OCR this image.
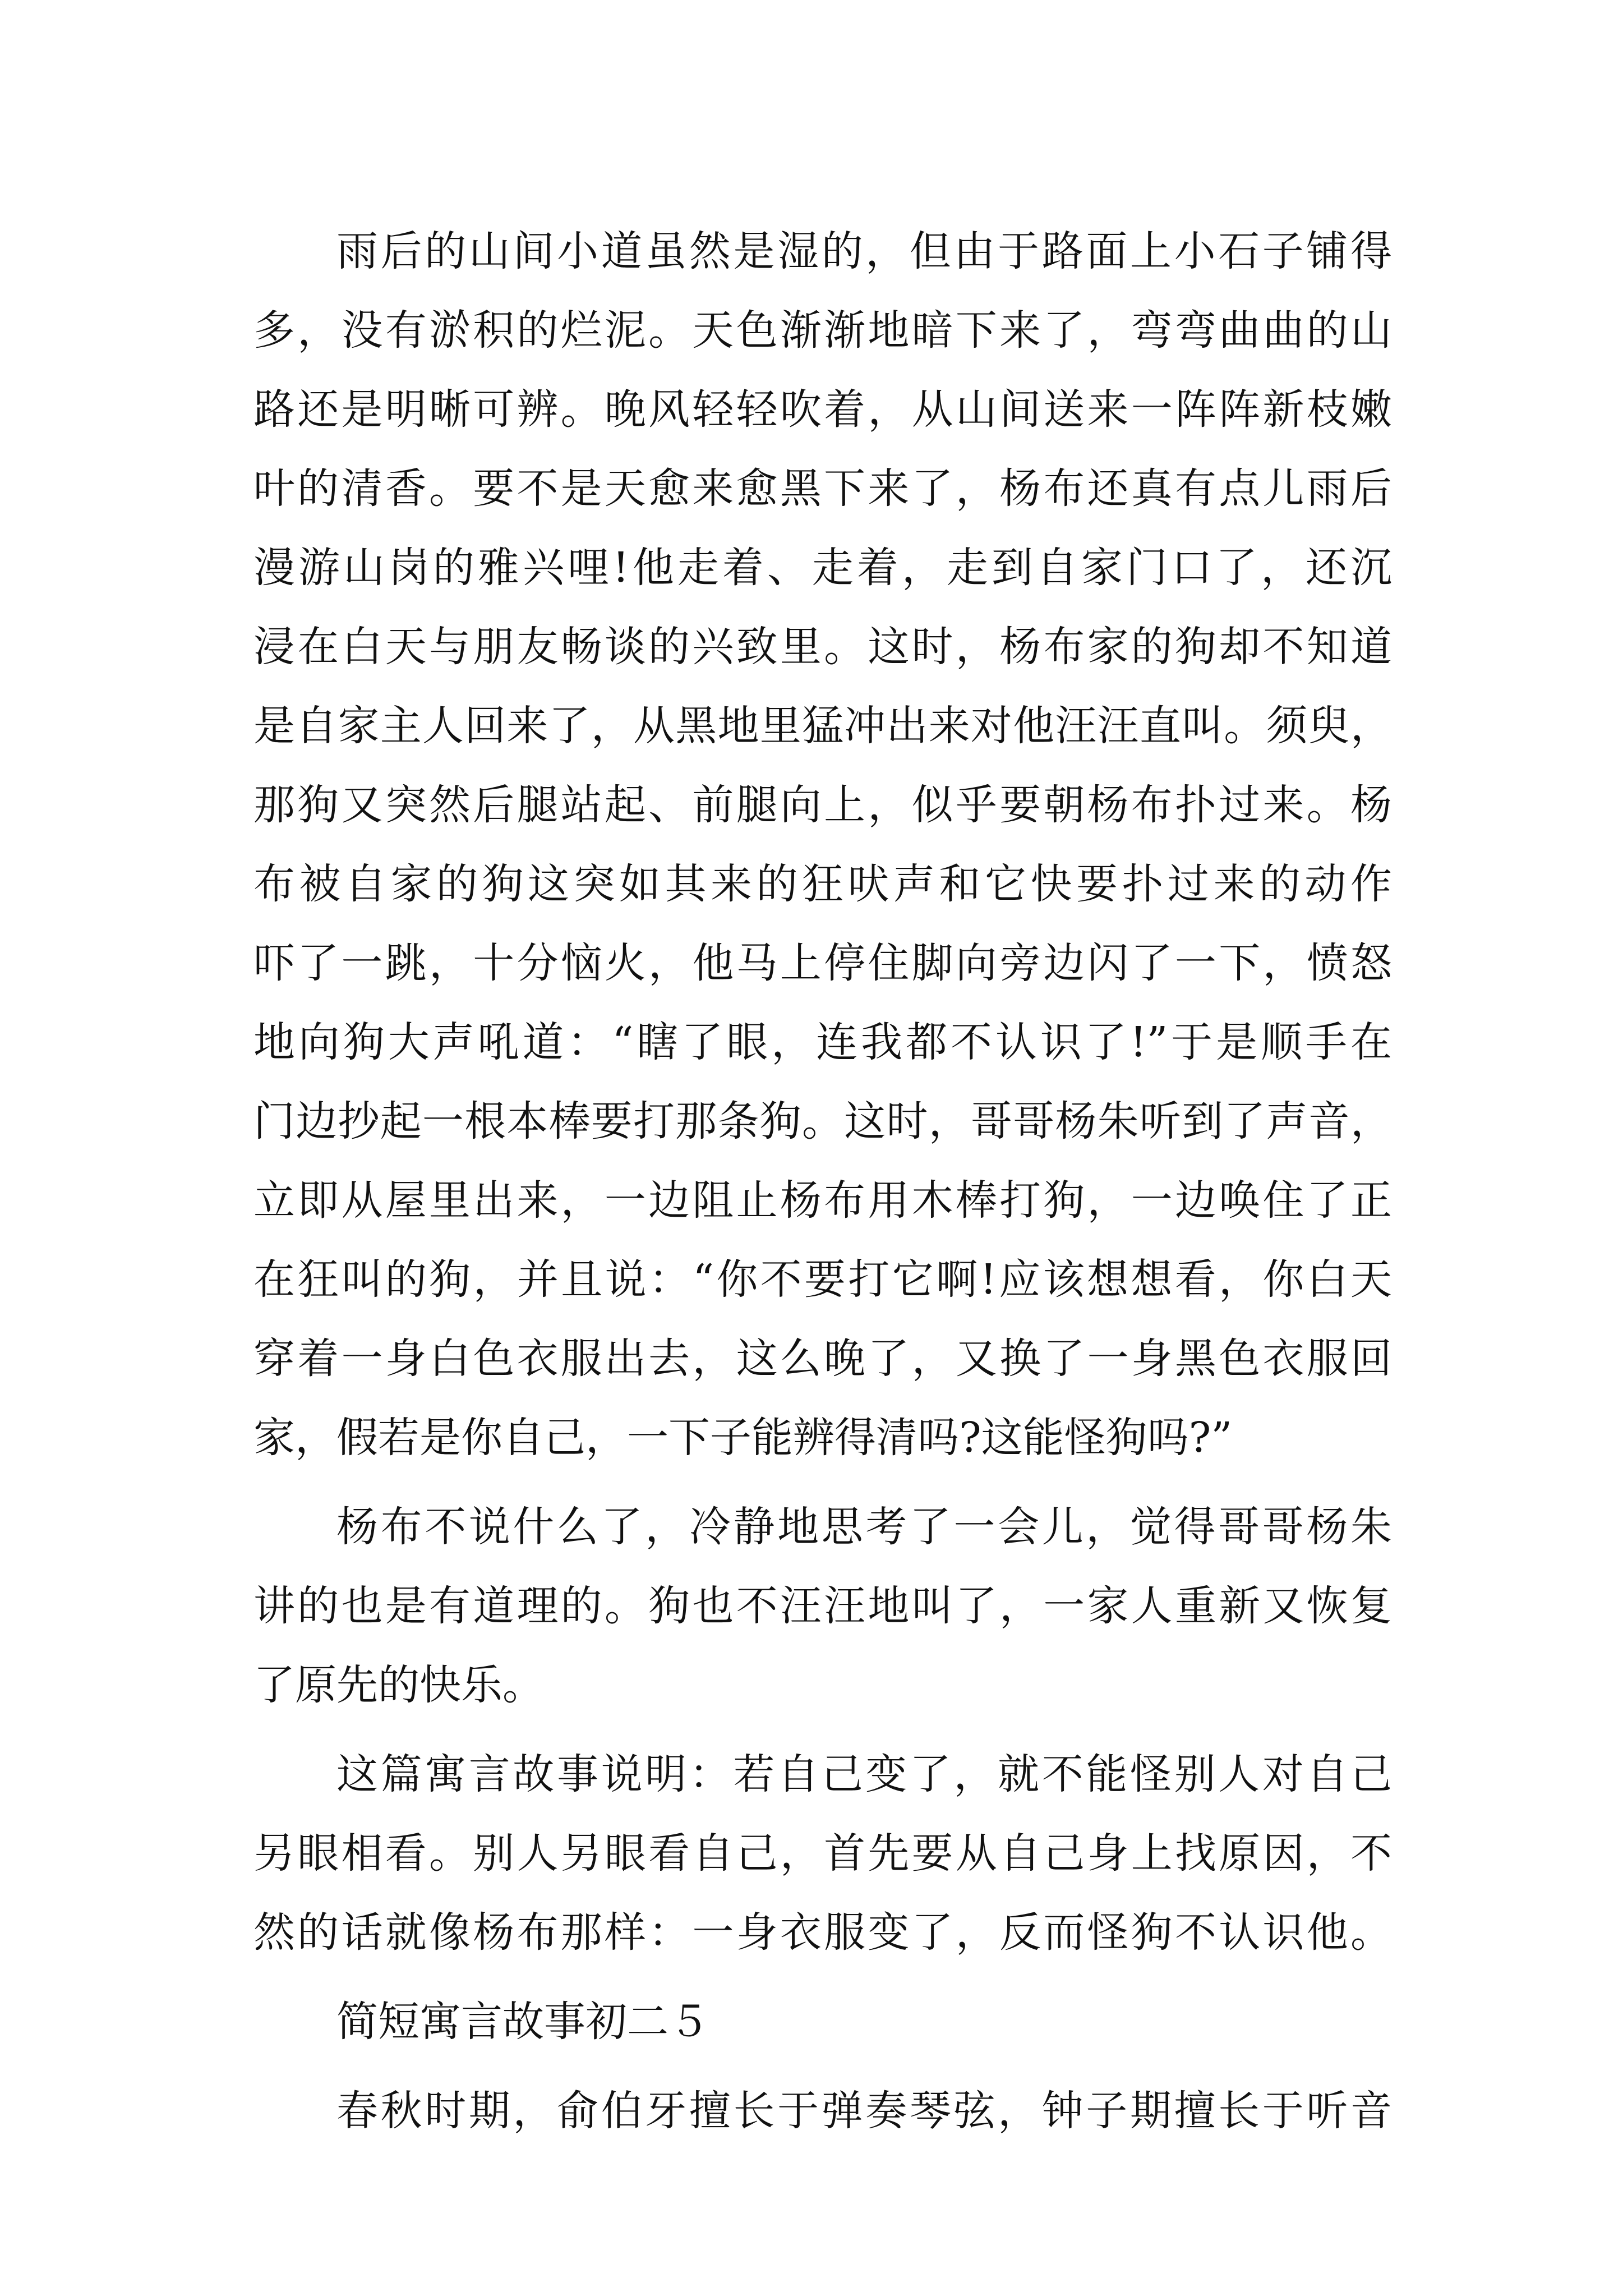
雨后的山间小道虽然是湿的，但由于路面上小石子铺得
多，没有淤积的烂泥。天色渐渐地暗下来了，弯弯曲曲的山
路还是明晰可辨。晚风轻轻吹着，从山间送来一阵阵新枝嫩
叶的清香。要不是天愈来愈黑下来了，杨布还真有点儿雨后
漫游山岗的雅兴哩!他走着、走着，走到自家门口了，还沉
浸在白天与朋友畅谈的兴致里。这时，杨布家的狗却不知道
是自家主人回来了，从黑地里猛冲出来对他汪汪直叫。须臾，
那狗又突然后腿站起、前腿向上，似乎要朝杨布扑过来。杨
布被自家的狗这突如其来的狂吠声和它快要扑过来的动作
吓了一跳，十分恼火，他马上停住脚向旁边闪了一下，愤怒
地向狗大声吼道：“瞎了眼，连我都不认识了!”于是顺手在
门边抄起一根本棒要打那条狗。这时，哥哥杨朱听到了声音，
立即从屋里出来，一边阻止杨布用木棒打狗，一边唤住了正
在狂叫的狗，并且说：“你不要打它啊!应该想想看，你白天
穿着一身白色衣服出去，这么晚了，又换了一身黑色衣服回
家，假若是你自己，一下子能辨得清吗?这能怪狗吗?”
杨布不说什么了，冷静地思考了一会儿，觉得哥哥杨朱
讲的也是有道理的。狗也不汪汪地叫了，一家人重新又恢复
了原先的快乐。
这篇寓言故事说明：若自己变了，就不能怪别人对自己
另眼相看。别人另眼看自己，首先要从自己身上找原因，不
然的话就像杨布那样：一身衣服变了，反而怪狗不认识他。
简短寓言故事初二５
春秋时期，俞伯牙擅长于弹奏琴弦，钟子期擅长于听音
